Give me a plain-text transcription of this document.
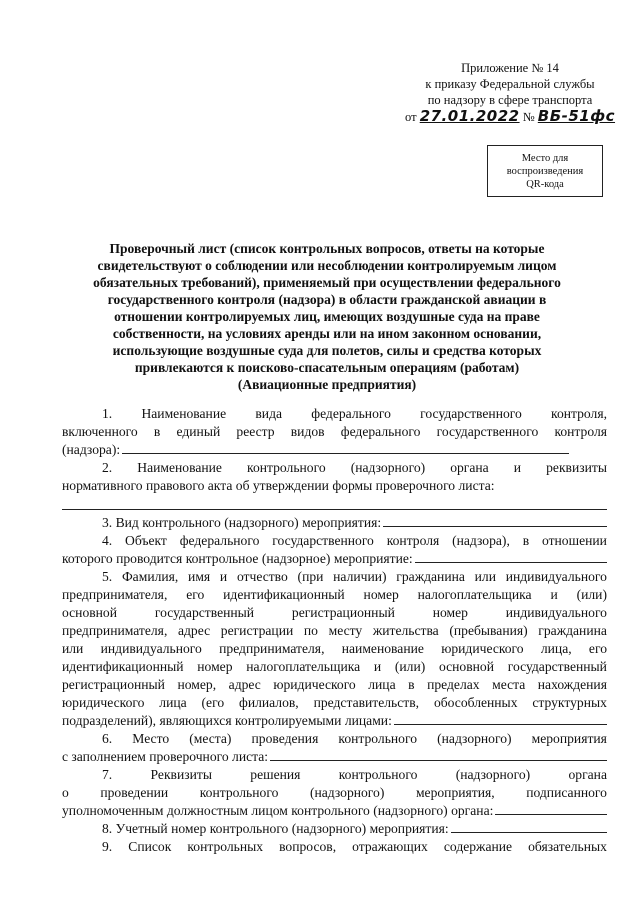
Приложение № 14
к приказу Федеральной службы
по надзору в сфере транспорта
от 27.01.2022 № ВБ-51фс
Место для
воспроизведения
QR-кода
Проверочный лист (список контрольных вопросов, ответы на которые
свидетельствуют о соблюдении или несоблюдении контролируемым лицом
обязательных требований), применяемый при осуществлении федерального
государственного контроля (надзора) в области гражданской авиации в
отношении контролируемых лиц, имеющих воздушные суда на праве
собственности, на условиях аренды или на ином законном основании,
использующие воздушные суда для полетов, силы и средства которых
привлекаются к поисково-спасательным операциям (работам)
(Авиационные предприятия)
1. Наименование вида федерального государственного контроля,
включенного в единый реестр видов федерального государственного контроля
(надзора):
2. Наименование контрольного (надзорного) органа и реквизиты
нормативного правового акта об утверждении формы проверочного листа:
3. Вид контрольного (надзорного) мероприятия:
4. Объект федерального государственного контроля (надзора), в отношении
которого проводится контрольное (надзорное) мероприятие:
5. Фамилия, имя и отчество (при наличии) гражданина или индивидуального
предпринимателя, его идентификационный номер налогоплательщика и (или)
основной	государственный	регистрационный	номер	индивидуального
предпринимателя, адрес регистрации по месту жительства (пребывания) гражданина
или индивидуального предпринимателя, наименование юридического лица, его
идентификационный номер налогоплательщика и (или) основной государственный
регистрационный номер, адрес юридического лица в пределах места нахождения
юридического лица (его филиалов, представительств, обособленных структурных
подразделений), являющихся контролируемыми лицами:
6. Место (места) проведения контрольного (надзорного) мероприятия
с заполнением проверочного листа:
7.	Реквизиты	решения	контрольного	(надзорного)	органа
о проведении контрольного (надзорного) мероприятия, подписанного
уполномоченным должностным лицом контрольного (надзорного) органа:
8. Учетный номер контрольного (надзорного) мероприятия:
9. Список контрольных вопросов, отражающих содержание обязательных
